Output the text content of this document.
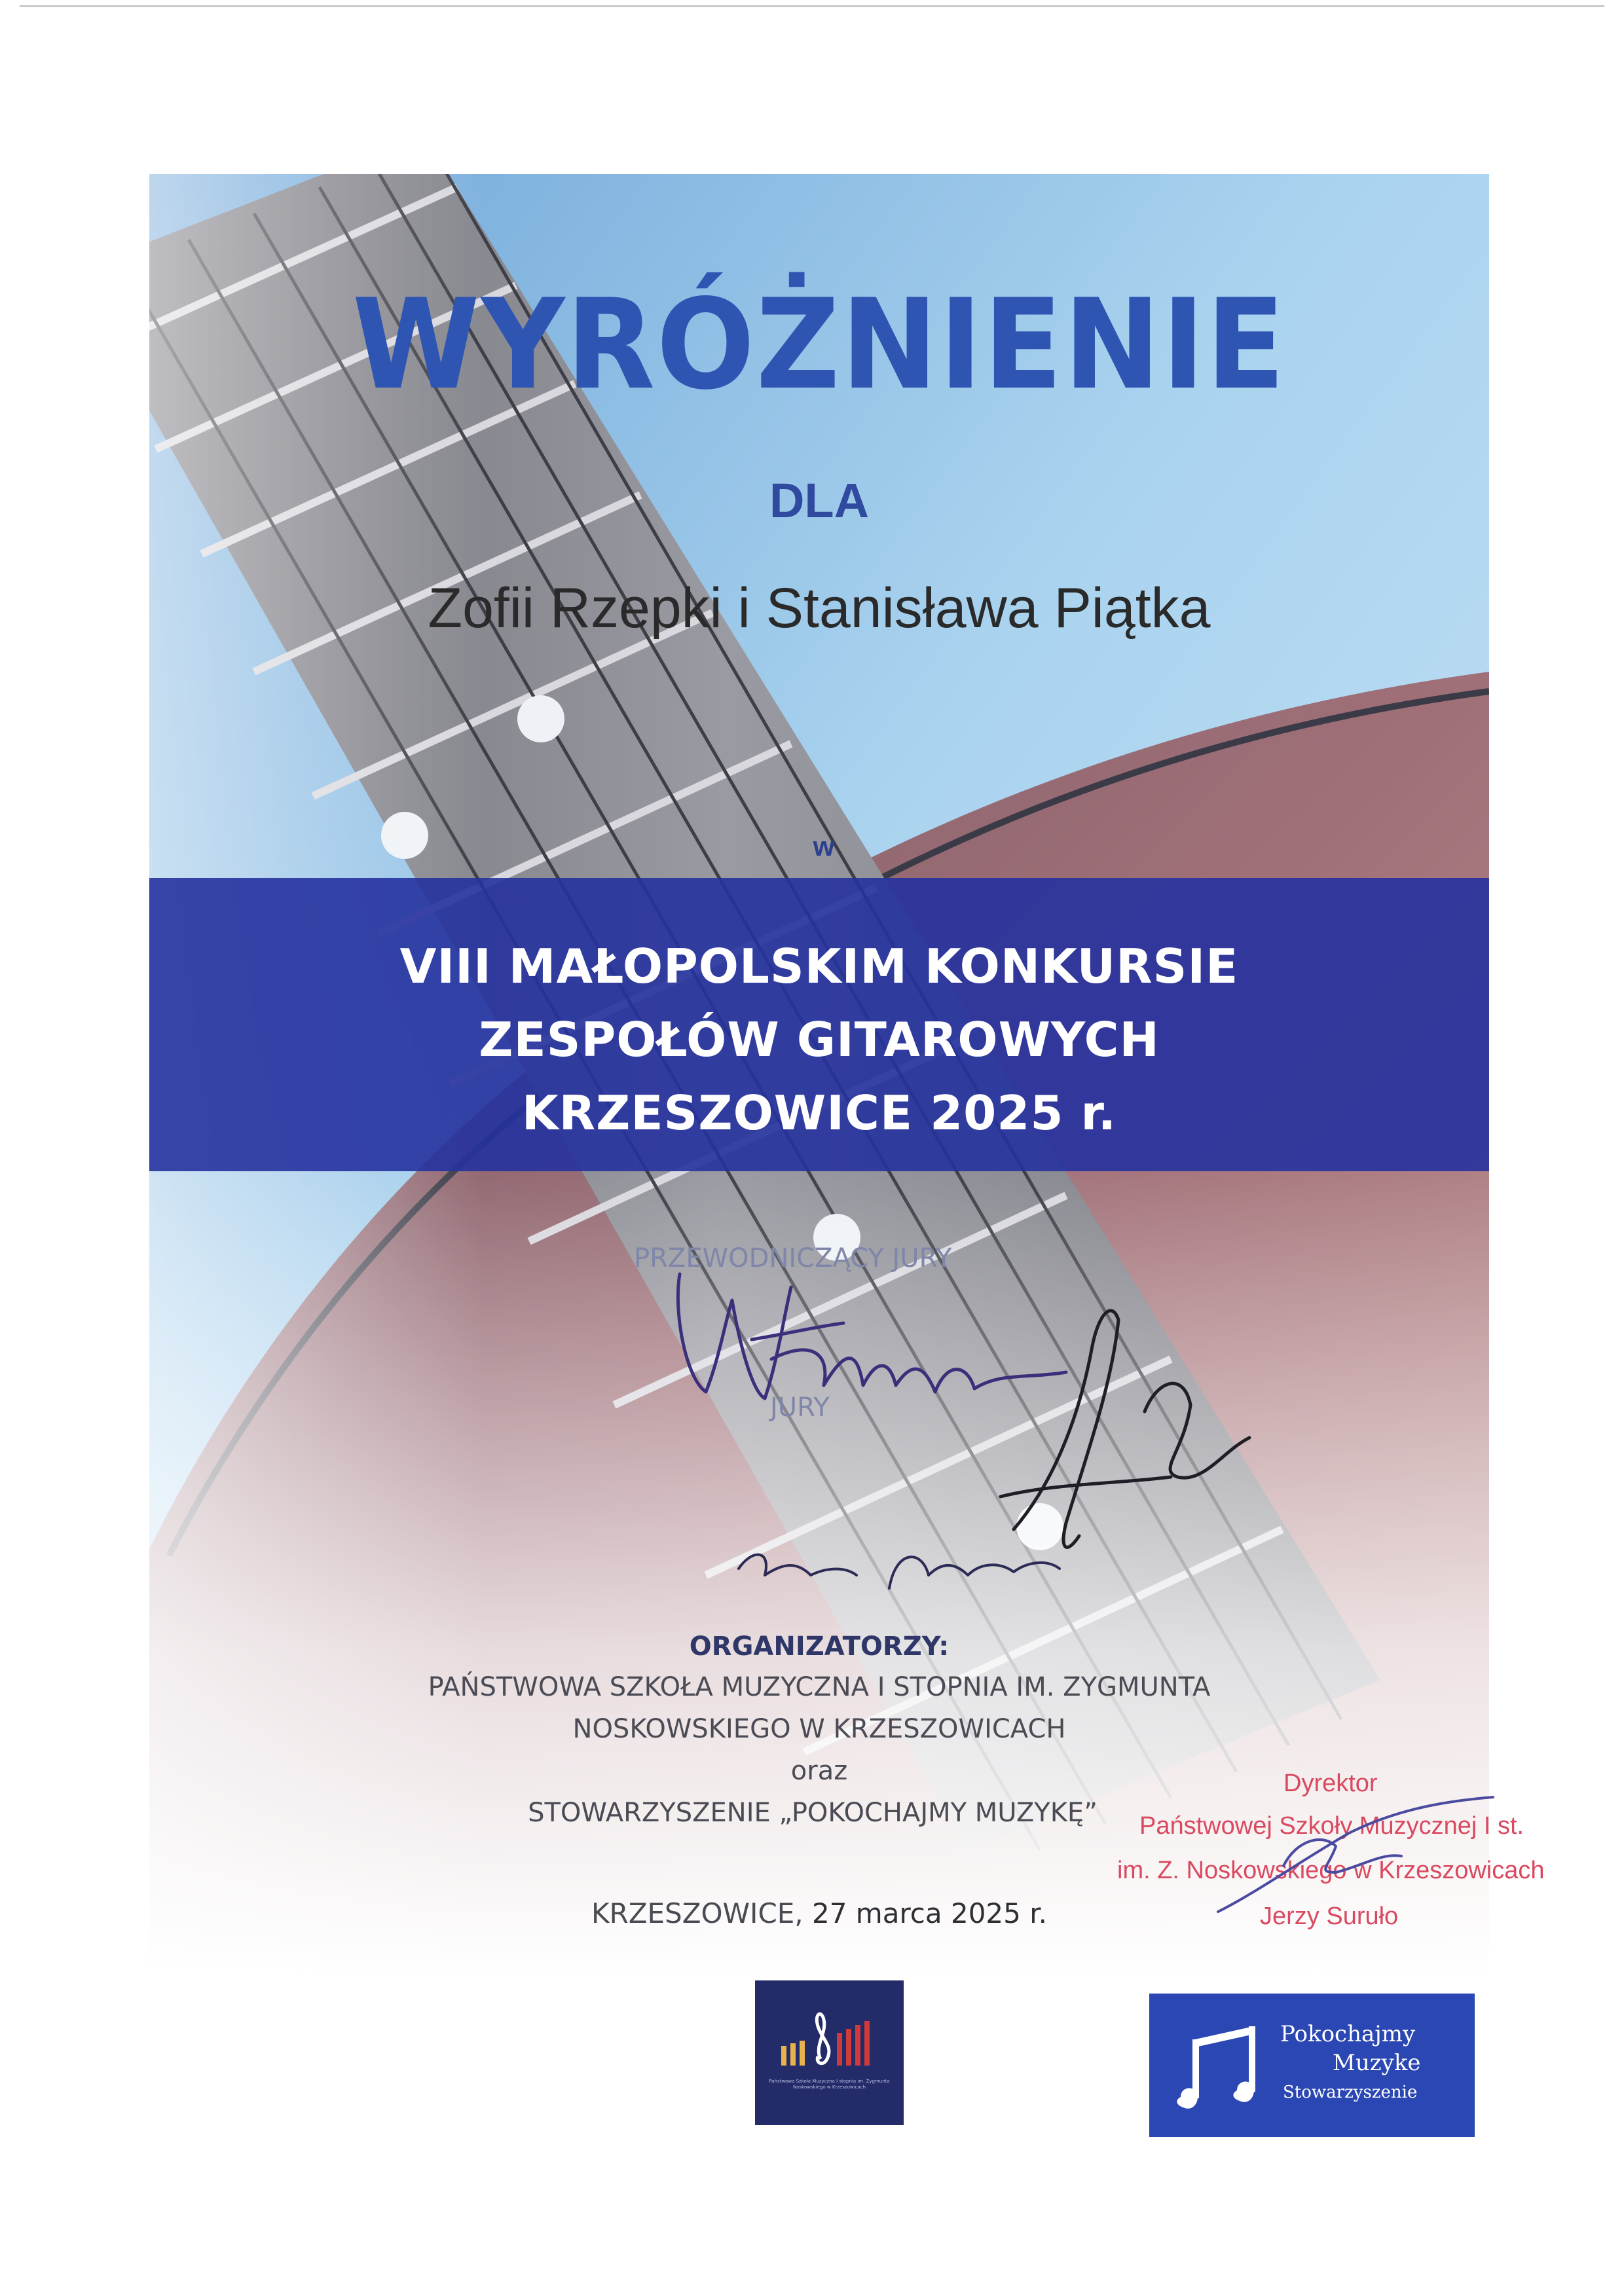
WYRÓŻNIENIE
DLA
Zofii Rzepki i Stanisława Piątka
w
VIII MAŁOPOLSKIM KONKURSIE
ZESPOŁÓW GITAROWYCH
KRZESZOWICE 2025 r.
PRZEWODNICZĄCY JURY
JURY
ORGANIZATORZY:
PAŃSTWOWA SZKOŁA MUZYCZNA I STOPNIA IM. ZYGMUNTA
NOSKOWSKIEGO W KRZESZOWICACH
oraz
STOWARZYSZENIE „POKOCHAJMY MUZYKĘ”
KRZESZOWICE, 27 marca 2025 r.
Dyrektor
Państwowej Szkoły Muzycznej I st.
im. Z. Noskowskiego w Krzeszowicach
Jerzy Suruło
Państwowa Szkoła Muzyczna I stopnia im. Zygmunta Noskowskiego w Krzeszowicach
Pokochajmy
Muzyke
Stowarzyszenie
